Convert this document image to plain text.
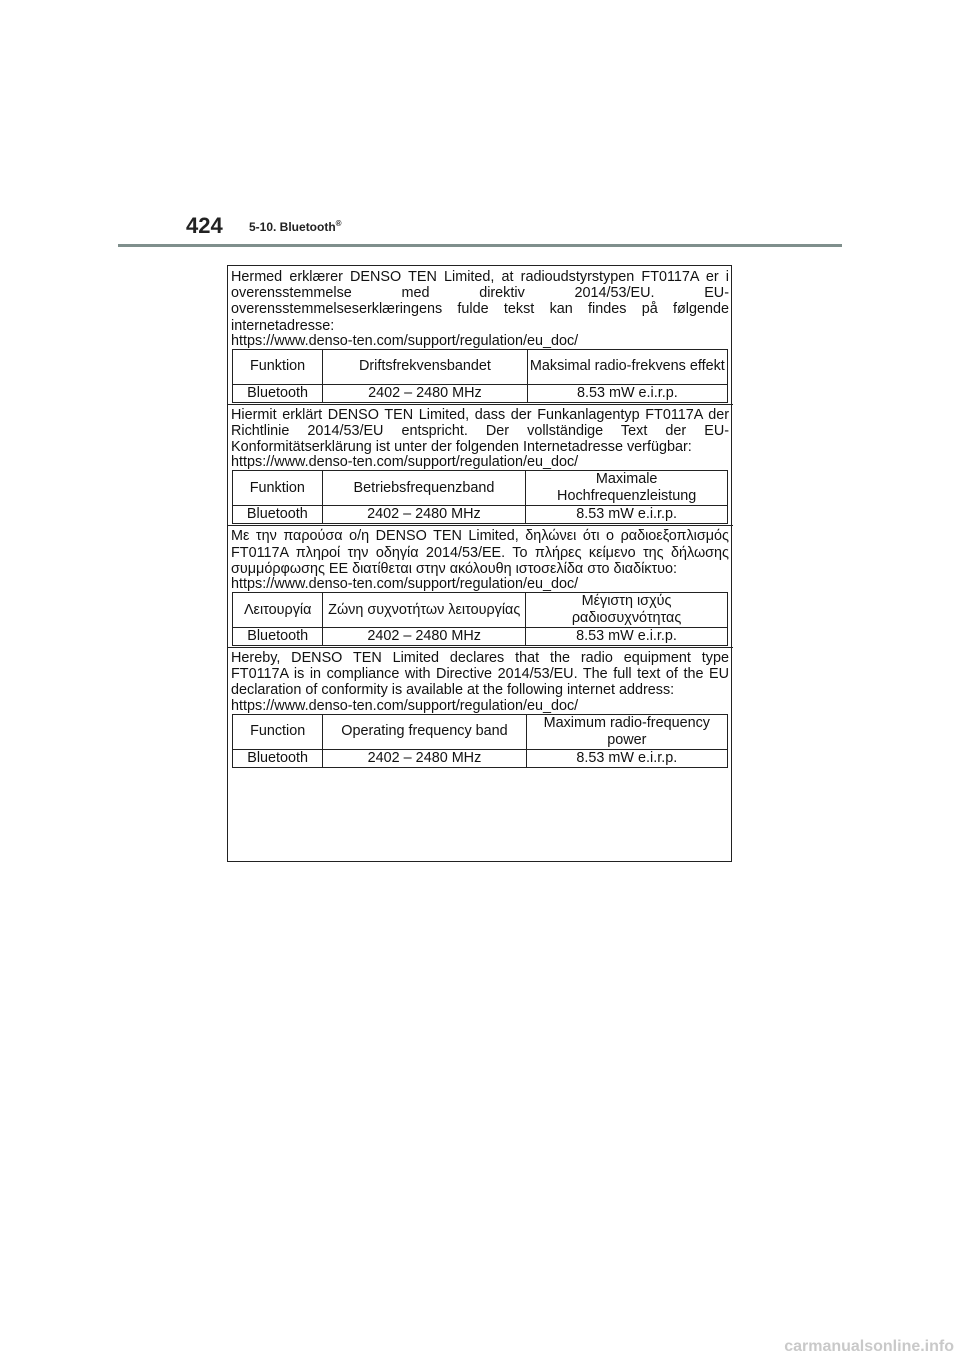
424 5-10. Bluetooth®
Hermed erklærer DENSO TEN Limited, at radioudstyrstypen FT0117A er i overensstemmelse med direktiv 2014/53/EU. EU-overensstemmelseserklæringens fulde tekst kan findes på følgende internetadresse:
https://www.denso-ten.com/support/regulation/eu_doc/
Funktion	Driftsfrekvensbandet	Maksimal radio-frekvens effekt
Bluetooth	2402 – 2480 MHz	8.53 mW e.i.r.p.
Hiermit erklärt DENSO TEN Limited, dass der Funkanlagentyp FT0117A der Richtlinie 2014/53/EU entspricht. Der vollständige Text der EU-Konformitätserklärung ist unter der folgenden Internetadresse verfügbar:
https://www.denso-ten.com/support/regulation/eu_doc/
Funktion	Betriebsfrequenzband	Maximale Hochfrequenzleistung
Bluetooth	2402 – 2480 MHz	8.53 mW e.i.r.p.
Με την παρούσα ο/η DENSO TEN Limited, δηλώνει ότι ο ραδιοεξοπλισμός FT0117A πληροί την οδηγία 2014/53/ΕΕ. Το πλήρες κείμενο της δήλωσης συμμόρφωσης ΕΕ διατίθεται στην ακόλουθη ιστοσελίδα στο διαδίκτυο:
https://www.denso-ten.com/support/regulation/eu_doc/
Λειτουργία	Ζώνη συχνοτήτων λειτουργίας	Μέγιστη ισχύς ραδιοσυχνότητας
Bluetooth	2402 – 2480 MHz	8.53 mW e.i.r.p.
Hereby, DENSO TEN Limited declares that the radio equipment type FT0117A is in compliance with Directive 2014/53/EU. The full text of the EU declaration of conformity is available at the following internet address:
https://www.denso-ten.com/support/regulation/eu_doc/
Function	Operating frequency band	Maximum radio-frequency power
Bluetooth	2402 – 2480 MHz	8.53 mW e.i.r.p.
carmanualsonline.info
